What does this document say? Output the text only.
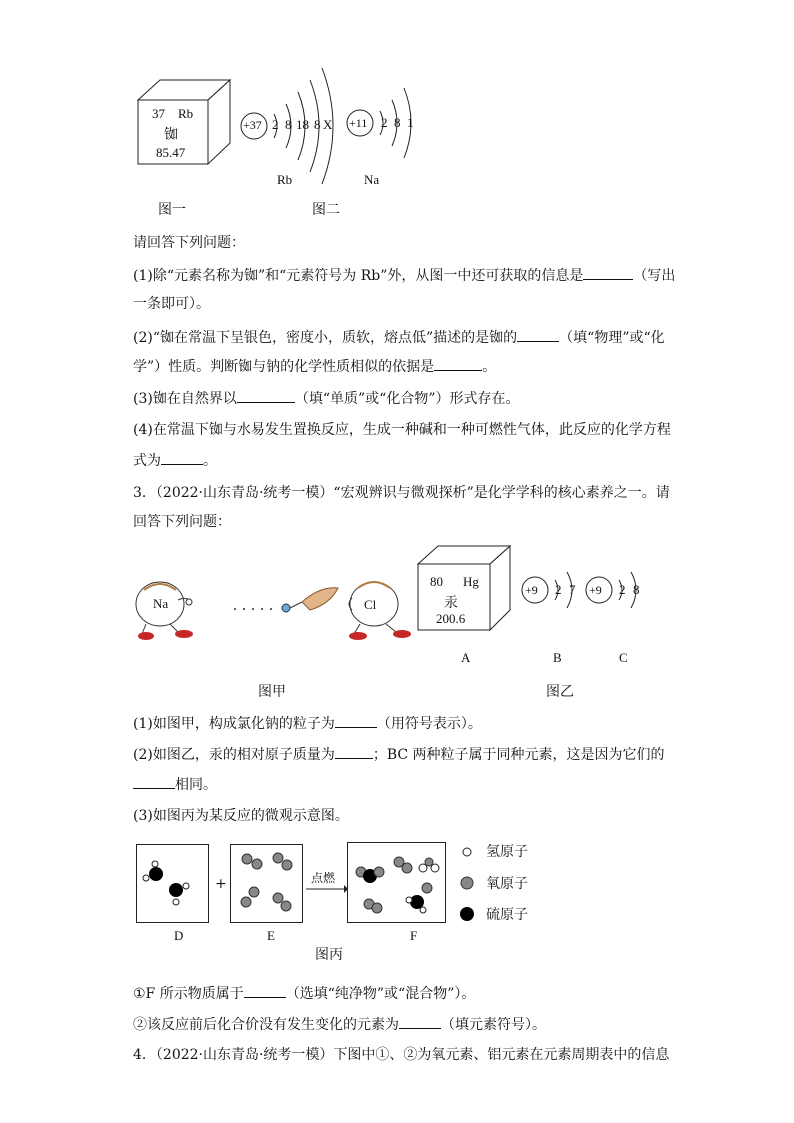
37 Rb
铷
85.47
图一
+37 2 8 18 8 X
Rb
+11 2 8 1
Na
图二
请回答下列问题：
(1)除“元素名称为铷”和“元素符号为 Rb”外，从图一中还可获取的信息是	（写出
一条即可）。
(2)“铷在常温下呈银色，密度小，质软，熔点低”描述的是铷的	（填“物理”或“化
学”）性质。判断铷与钠的化学性质相似的依据是	。
(3)铷在自然界以	（填“单质”或“化合物”）形式存在。
(4)在常温下铷与水易发生置换反应，生成一种碱和一种可燃性气体，此反应的化学方程
式为	。
3．（2022·山东青岛·统考一模）“宏观辨识与微观探析”是化学学科的核心素养之一。请
回答下列问题：
Na	Cl
图甲
80 Hg
汞
200.6
+9 2 7 +9 2 8
A	B	C
图乙
(1)如图甲，构成氯化钠的粒子为	（用符号表示）。
(2)如图乙，汞的相对原子质量为	；BC 两种粒子属于同种元素，这是因为它们的
相同。
(3)如图丙为某反应的微观示意图。
+	点燃
D	E	F
氢原子
氧原子
硫原子
图丙
①F 所示物质属于	（选填“纯净物”或“混合物”）。
②该反应前后化合价没有发生变化的元素为	（填元素符号）。
4．（2022·山东青岛·统考一模）下图中①、②为氧元素、铝元素在元素周期表中的信息
